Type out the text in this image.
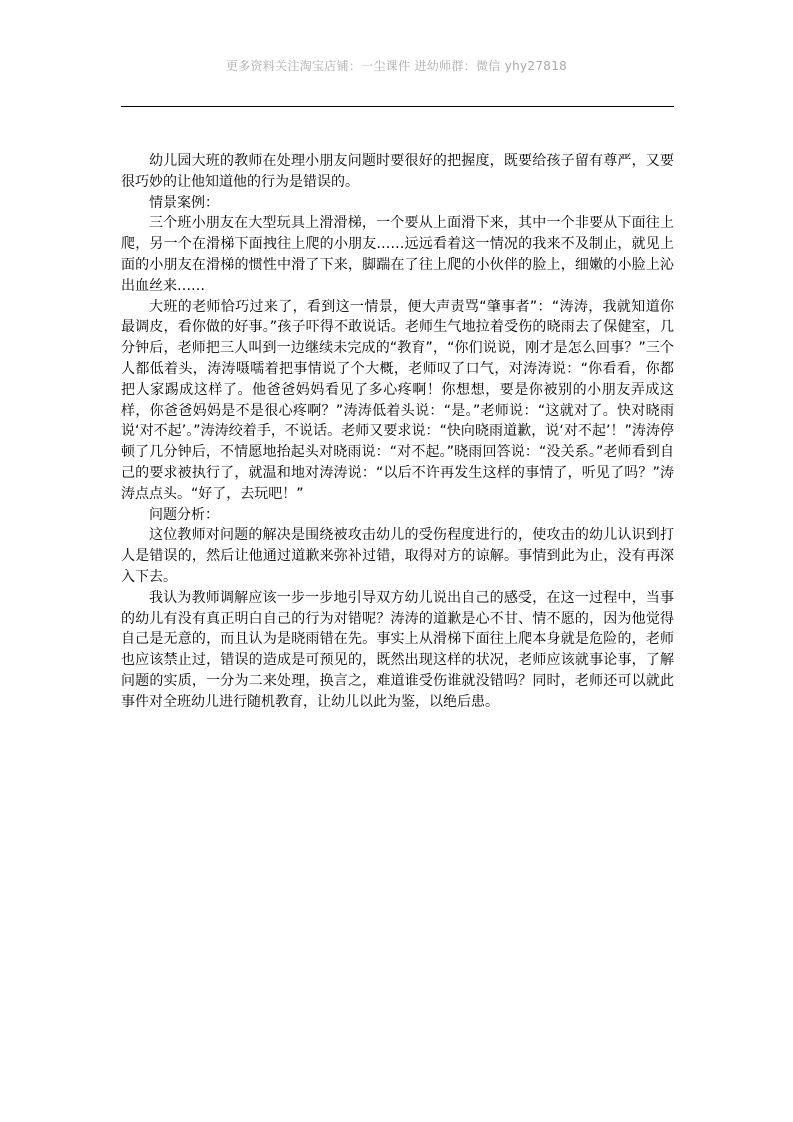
更多资料关注淘宝店铺：一尘课件 进幼师群：微信 yhy27818

幼儿园大班的教师在处理小朋友问题时要很好的把握度，既要给孩子留有尊严，又要很巧妙的让他知道他的行为是错误的。

情景案例：

三个班小朋友在大型玩具上滑滑梯，一个要从上面滑下来，其中一个非要从下面往上爬，另一个在滑梯下面拽往上爬的小朋友……远远看着这一情况的我来不及制止，就见上面的小朋友在滑梯的惯性中滑了下来，脚踹在了往上爬的小伙伴的脸上，细嫩的小脸上沁出血丝来……

大班的老师恰巧过来了，看到这一情景，便大声责骂“肇事者”：“涛涛，我就知道你最调皮，看你做的好事。”孩子吓得不敢说话。老师生气地拉着受伤的晓雨去了保健室，几分钟后，老师把三人叫到一边继续未完成的“教育”，“你们说说，刚才是怎么回事？”三个人都低着头，涛涛嗫嚅着把事情说了个大概，老师叹了口气，对涛涛说：“你看看，你都把人家踢成这样了。他爸爸妈妈看见了多心疼啊！你想想，要是你被别的小朋友弄成这样，你爸爸妈妈是不是很心疼啊？”涛涛低着头说：“是。”老师说：“这就对了。快对晓雨说‘对不起’。”涛涛绞着手，不说话。老师又要求说：“快向晓雨道歉，说‘对不起’！”涛涛停顿了几分钟后，不情愿地抬起头对晓雨说：“对不起。”晓雨回答说：“没关系。”老师看到自己的要求被执行了，就温和地对涛涛说：“以后不许再发生这样的事情了，听见了吗？”涛涛点点头。“好了，去玩吧！”

问题分析：

这位教师对问题的解决是围绕被攻击幼儿的受伤程度进行的，使攻击的幼儿认识到打人是错误的，然后让他通过道歉来弥补过错，取得对方的谅解。事情到此为止，没有再深入下去。

我认为教师调解应该一步一步地引导双方幼儿说出自己的感受，在这一过程中，当事的幼儿有没有真正明白自己的行为对错呢？涛涛的道歉是心不甘、情不愿的，因为他觉得自己是无意的，而且认为是晓雨错在先。事实上从滑梯下面往上爬本身就是危险的，老师也应该禁止过，错误的造成是可预见的，既然出现这样的状况，老师应该就事论事，了解问题的实质，一分为二来处理，换言之，难道谁受伤谁就没错吗？同时，老师还可以就此事件对全班幼儿进行随机教育，让幼儿以此为鉴，以绝后患。
